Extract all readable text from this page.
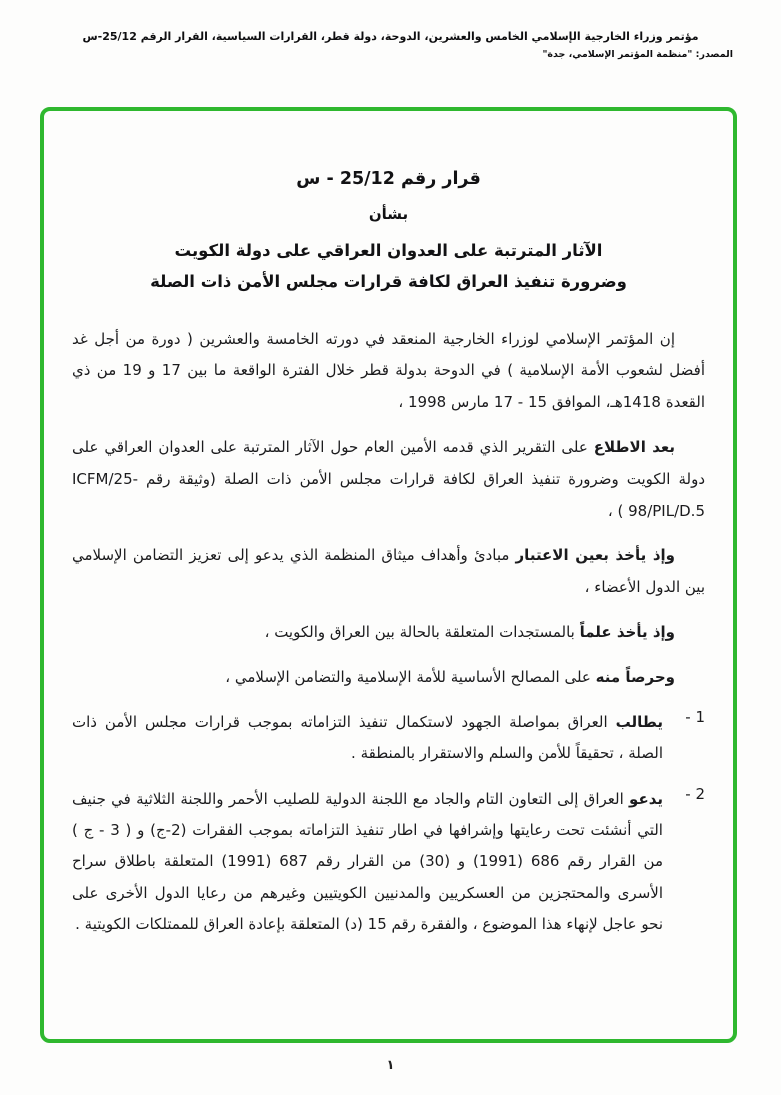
مؤتمر وزراء الخارجية الإسلامي الخامس والعشرين، الدوحة، دولة قطر، القرارات السياسية، القرار الرقم 25/12-س
المصدر: "منظمة المؤتمر الإسلامي، جدة"
قرار رقم 25/12 - س
بشأن
الآثار المترتبة على العدوان العراقي على دولة الكويت
وضرورة تنفيذ العراق لكافة قرارات مجلس الأمن ذات الصلة

إن المؤتمر الإسلامي لوزراء الخارجية المنعقد في دورته الخامسة والعشرين ( دورة من أجل غد أفضل لشعوب الأمة الإسلامية ) في الدوحة بدولة قطر خلال الفترة الواقعة ما بين 17 و 19 من ذي القعدة 1418هـ، الموافق 15 - 17 مارس 1998 ،

بعد الاطلاع على التقرير الذي قدمه الأمين العام حول الآثار المترتبة على العدوان العراقي على دولة الكويت وضرورة تنفيذ العراق لكافة قرارات مجلس الأمن ذات الصلة (وثيقة رقم ICFM/25-98/PIL/D.5‏ ) ،

وإذ يأخذ بعين الاعتبار مبادئ وأهداف ميثاق المنظمة الذي يدعو إلى تعزيز التضامن الإسلامي بين الدول الأعضاء ،

وإذ يأخذ علماً بالمستجدات المتعلقة بالحالة بين العراق والكويت ،

وحرصاً منه على المصالح الأساسية للأمة الإسلامية والتضامن الإسلامي ،

1 -

يطالب العراق بمواصلة الجهود لاستكمال تنفيذ التزاماته بموجب قرارات مجلس الأمن ذات الصلة ، تحقيقاً للأمن والسلم والاستقرار بالمنطقة .

2 -

يدعو العراق إلى التعاون التام والجاد مع اللجنة الدولية للصليب الأحمر واللجنة الثلاثية في جنيف التي أنشئت تحت رعايتها وإشرافها في اطار تنفيذ التزاماته بموجب الفقرات (2-ج) و ( 3 - ج ) من القرار رقم 686 (1991) و (30) من القرار رقم 687 (1991) المتعلقة باطلاق سراح الأسرى والمحتجزين من العسكريين والمدنيين الكويتيين وغيرهم من رعايا الدول الأخرى على نحو عاجل لإنهاء هذا الموضوع ، والفقرة رقم 15 (د) المتعلقة بإعادة العراق للممتلكات الكويتية .

١
